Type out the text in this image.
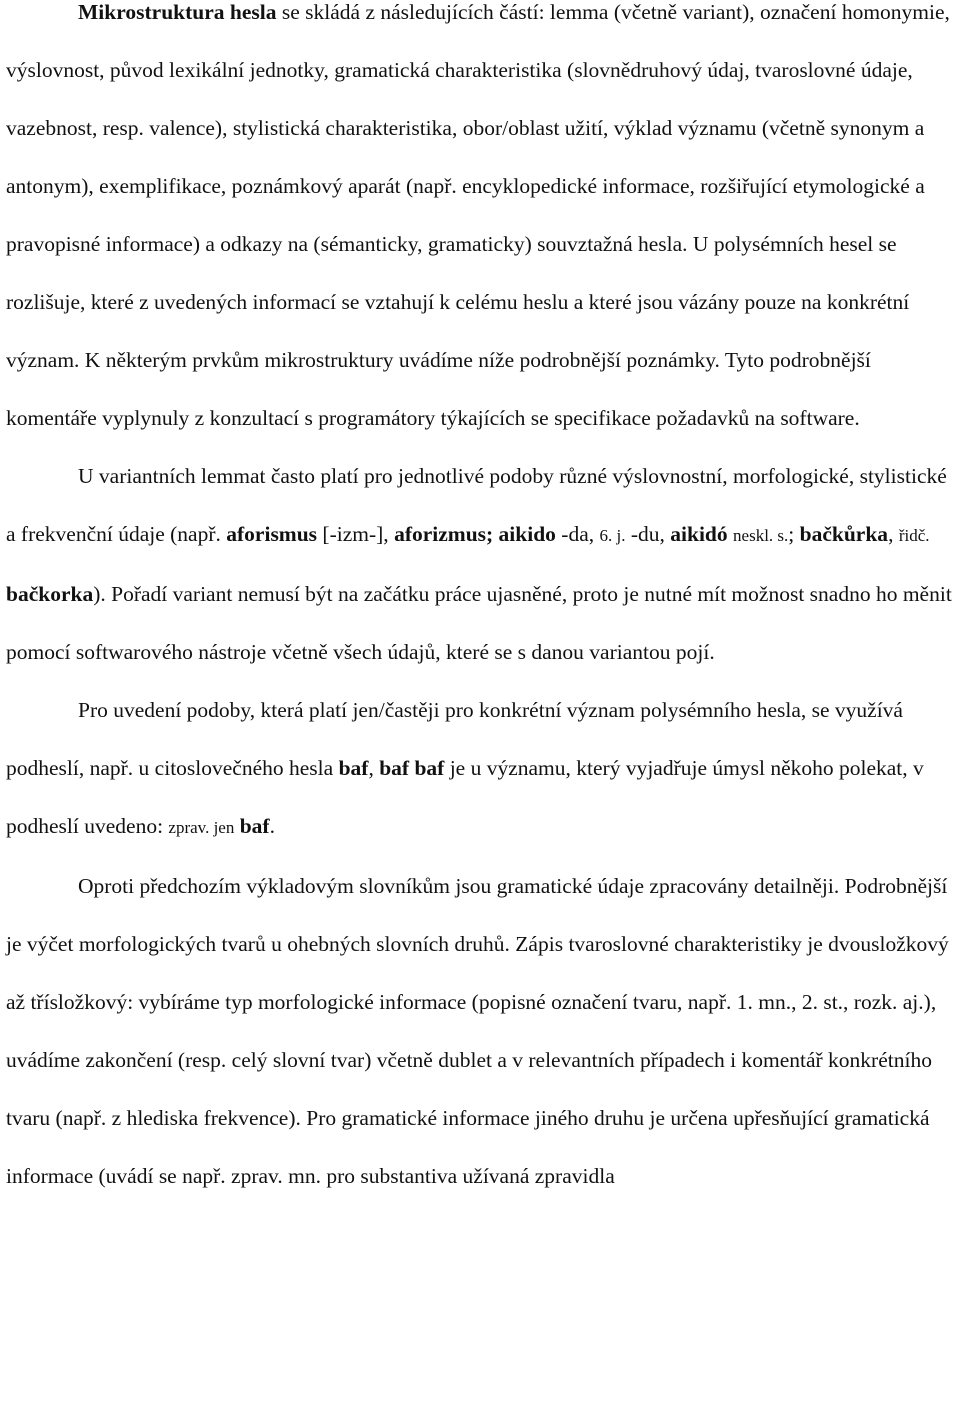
Mikrostruktura hesla se skládá z následujících částí: lemma (včetně variant), označení homonymie, výslovnost, původ lexikální jednotky, gramatická charakteristika (slovnědruhový údaj, tvaroslovné údaje, vazebnost, resp. valence), stylistická charakteristika, obor/oblast užití, výklad významu (včetně synonym a antonym), exemplifikace, poznámkový aparát (např. encyklopedické informace, rozšiřující etymologické a pravopisné informace) a odkazy na (sémanticky, gramaticky) souvztažná hesla. U polysémních hesel se rozlišuje, které z uvedených informací se vztahují k celému heslu a které jsou vázány pouze na konkrétní význam. K některým prvkům mikrostruktury uvádíme níže podrobnější poznámky. Tyto podrobnější komentáře vyplynuly z konzultací s programátory týkajících se specifikace požadavků na software.

U variantních lemmat často platí pro jednotlivé podoby různé výslovnostní, morfologické, stylistické a frekvenční údaje (např. aforismus [-izm-], aforizmus; aikido -da, 6. j. -du, aikidó neskl. s.; bačkůrka, řidč. bačkorka). Pořadí variant nemusí být na začátku práce ujasněné, proto je nutné mít možnost snadno ho měnit pomocí softwarového nástroje včetně všech údajů, které se s danou variantou pojí.

Pro uvedení podoby, která platí jen/častěji pro konkrétní význam polysémního hesla, se využívá podheslí, např. u citoslovečného hesla baf, baf baf je u významu, který vyjadřuje úmysl někoho polekat, v podheslí uvedeno: zprav. jen baf.

Oproti předchozím výkladovým slovníkům jsou gramatické údaje zpracovány detailněji. Podrobnější je výčet morfologických tvarů u ohebných slovních druhů. Zápis tvaroslovné charakteristiky je dvousložkový až třísložkový: vybíráme typ morfologické informace (popisné označení tvaru, např. 1. mn., 2. st., rozk. aj.), uvádíme zakončení (resp. celý slovní tvar) včetně dublet a v relevantních případech i komentář konkrétního tvaru (např. z hlediska frekvence). Pro gramatické informace jiného druhu je určena upřesňující gramatická informace (uvádí se např. zprav. mn. pro substantiva užívaná zpravidla
